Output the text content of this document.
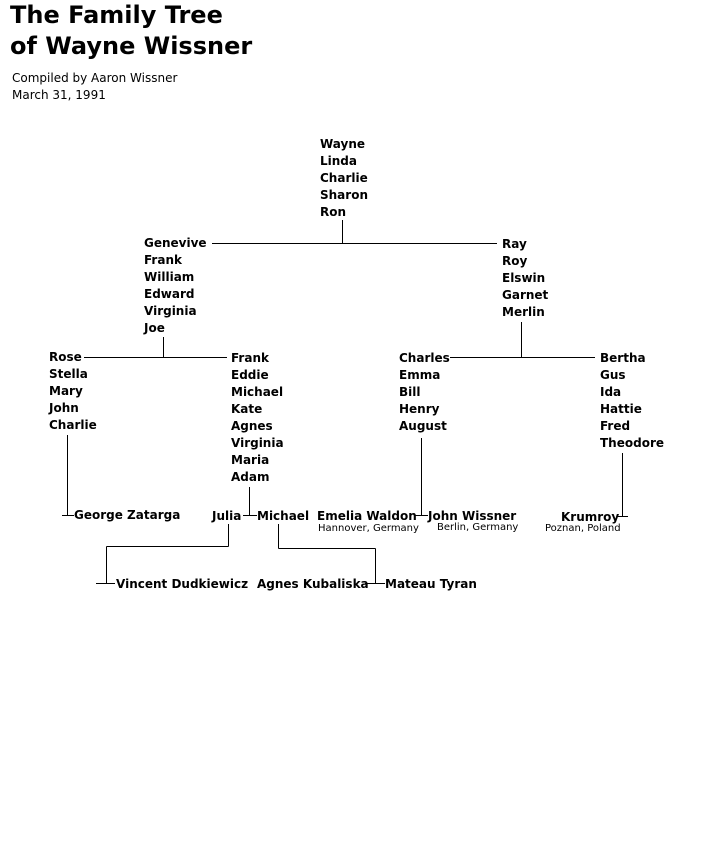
The Family Tree
of Wayne Wissner
Compiled by Aaron Wissner
March 31, 1991
Wayne
Linda
Charlie
Sharon
Ron
Genevive
Frank
William
Edward
Virginia
Joe
Ray
Roy
Elswin
Garnet
Merlin
Rose
Stella
Mary
John
Charlie
Frank
Eddie
Michael
Kate
Agnes
Virginia
Maria
Adam
Charles
Emma
Bill
Henry
August
Bertha
Gus
Ida
Hattie
Fred
Theodore
George Zatarga	Julia Michael Emelia Waldon
Hannover, Germany
John Wissner
Berlin, Germany
Krumroy
Poznan, Poland
Vincent Dudkiewicz Agnes Kubaliska Mateau Tyran
